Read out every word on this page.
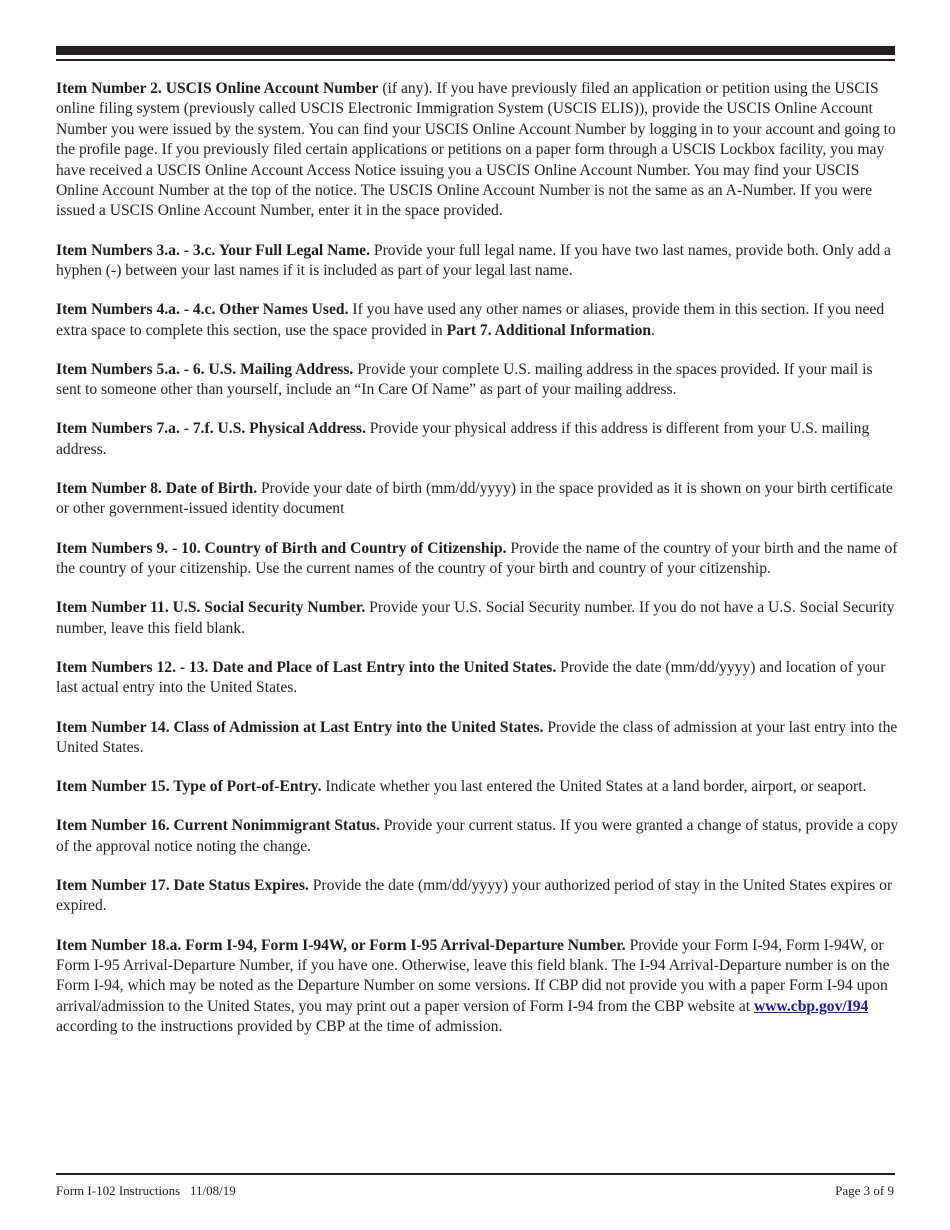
Item Number 2. USCIS Online Account Number (if any). If you have previously filed an application or petition using the USCIS online filing system (previously called USCIS Electronic Immigration System (USCIS ELIS)), provide the USCIS Online Account Number you were issued by the system. You can find your USCIS Online Account Number by logging in to your account and going to the profile page. If you previously filed certain applications or petitions on a paper form through a USCIS Lockbox facility, you may have received a USCIS Online Account Access Notice issuing you a USCIS Online Account Number. You may find your USCIS Online Account Number at the top of the notice. The USCIS Online Account Number is not the same as an A-Number. If you were issued a USCIS Online Account Number, enter it in the space provided.

Item Numbers 3.a. - 3.c. Your Full Legal Name. Provide your full legal name. If you have two last names, provide both. Only add a hyphen (-) between your last names if it is included as part of your legal last name.

Item Numbers 4.a. - 4.c. Other Names Used. If you have used any other names or aliases, provide them in this section. If you need extra space to complete this section, use the space provided in Part 7. Additional Information.

Item Numbers 5.a. - 6. U.S. Mailing Address. Provide your complete U.S. mailing address in the spaces provided. If your mail is sent to someone other than yourself, include an “In Care Of Name” as part of your mailing address.

Item Numbers 7.a. - 7.f. U.S. Physical Address. Provide your physical address if this address is different from your U.S. mailing address.

Item Number 8. Date of Birth. Provide your date of birth (mm/dd/yyyy) in the space provided as it is shown on your birth certificate or other government-issued identity document

Item Numbers 9. - 10. Country of Birth and Country of Citizenship. Provide the name of the country of your birth and the name of the country of your citizenship. Use the current names of the country of your birth and country of your citizenship.

Item Number 11. U.S. Social Security Number. Provide your U.S. Social Security number. If you do not have a U.S. Social Security number, leave this field blank.

Item Numbers 12. - 13. Date and Place of Last Entry into the United States. Provide the date (mm/dd/yyyy) and location of your last actual entry into the United States.

Item Number 14. Class of Admission at Last Entry into the United States. Provide the class of admission at your last entry into the United States.

Item Number 15. Type of Port-of-Entry. Indicate whether you last entered the United States at a land border, airport, or seaport.

Item Number 16. Current Nonimmigrant Status. Provide your current status. If you were granted a change of status, provide a copy of the approval notice noting the change.

Item Number 17. Date Status Expires. Provide the date (mm/dd/yyyy) your authorized period of stay in the United States expires or expired.

Item Number 18.a. Form I-94, Form I-94W, or Form I-95 Arrival-Departure Number. Provide your Form I-94, Form I-94W, or Form I-95 Arrival-Departure Number, if you have one. Otherwise, leave this field blank. The I-94 Arrival-Departure number is on the Form I-94, which may be noted as the Departure Number on some versions. If CBP did not provide you with a paper Form I-94 upon arrival/admission to the United States, you may print out a paper version of Form I-94 from the CBP website at www.cbp.gov/I94 according to the instructions provided by CBP at the time of admission.

Form I-102 Instructions   11/08/19	Page 3 of 9
